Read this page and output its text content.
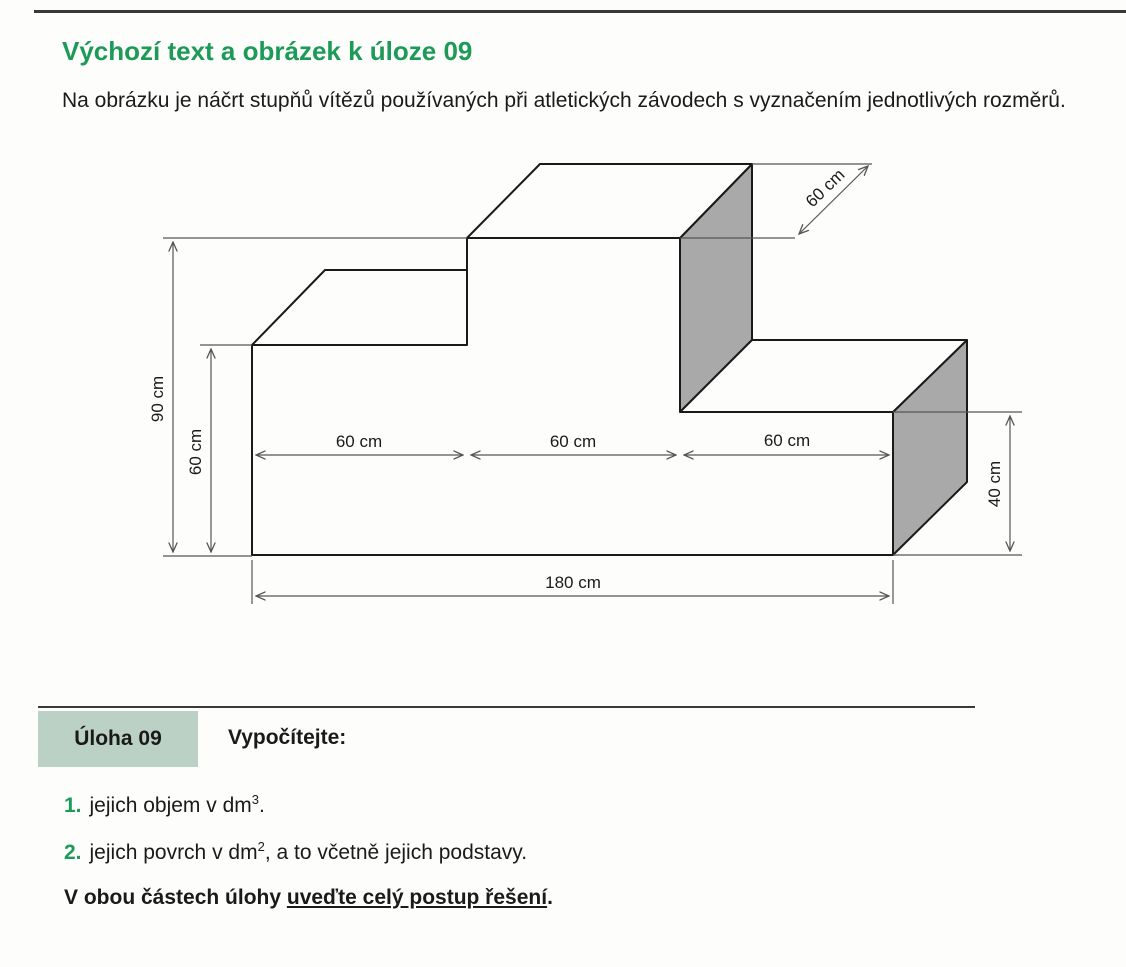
Výchozí text a obrázek k úloze 09

Na obrázku je náčrt stupňů vítězů používaných při atletických závodech s vyznačením jednotlivých rozměrů.

90 cm
60 cm	60 cm	60 cm	60 cm
60 cm
40 cm
180 cm
Úloha 09	Vypočítejte:
1. jejich objem v $dm^3$.
2. jejich povrch v $dm^2$, a to včetně jejich podstavy.
V obou částech úlohy uveďte celý postup řešení.
